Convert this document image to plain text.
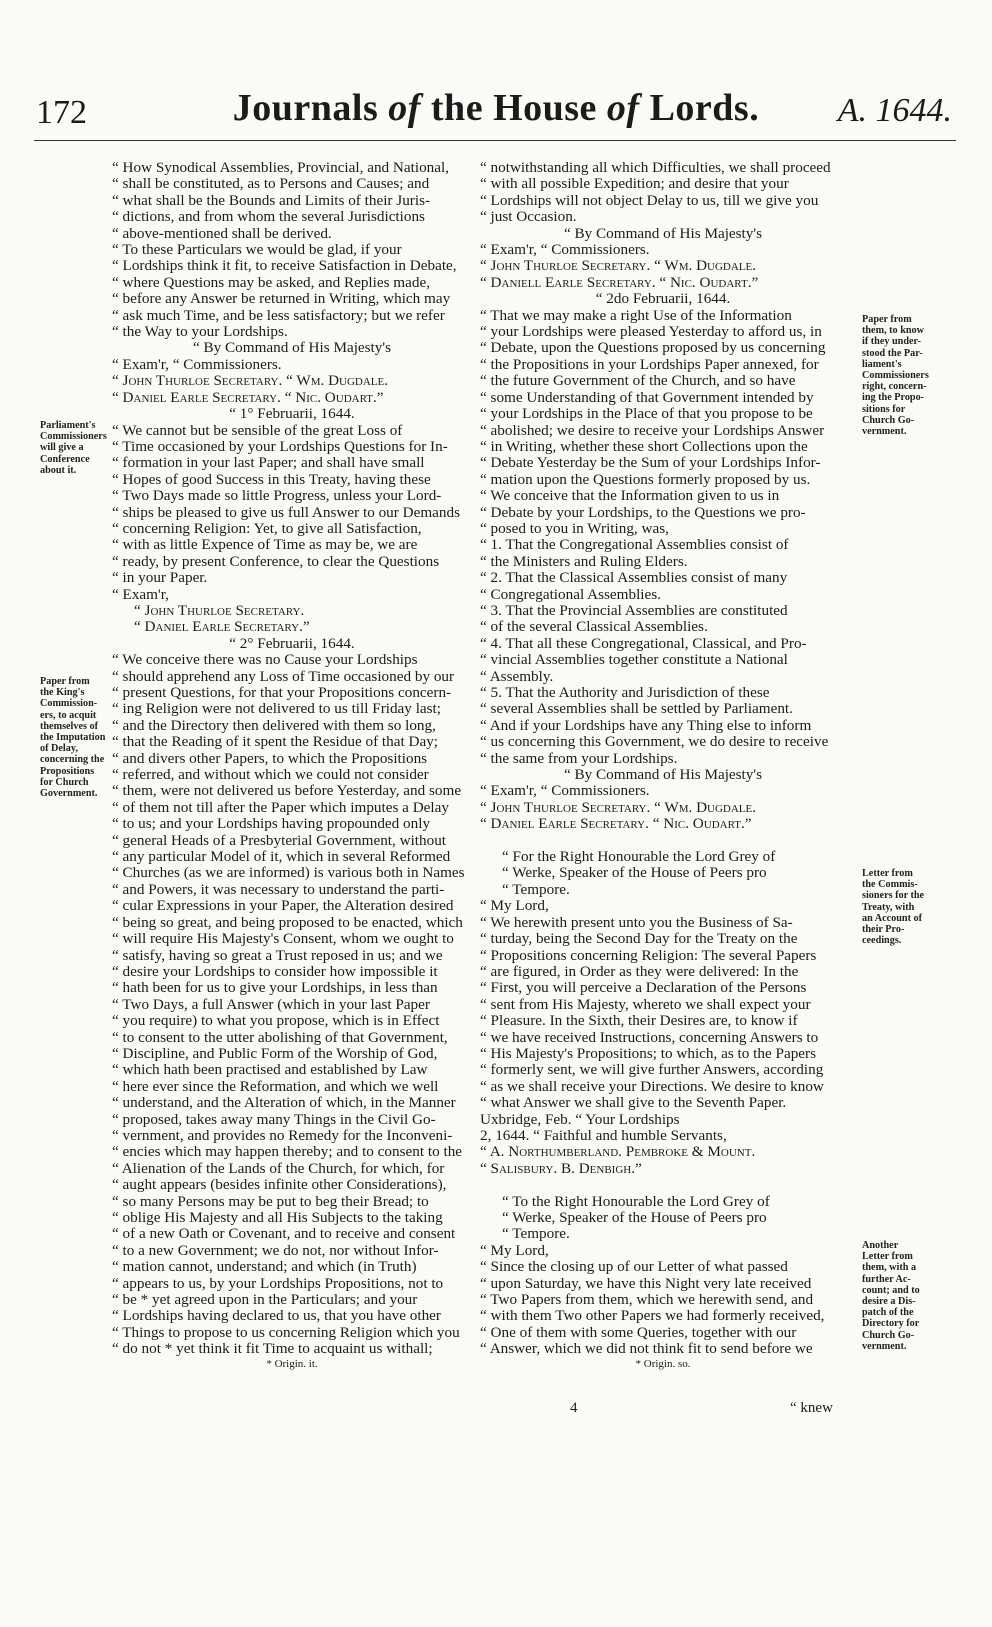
172	Journals of the House of Lords.	A. 1644.

“ How Synodical Assemblies, Provincial, and National,

“ shall be constituted, as to Persons and Causes; and

“ what shall be the Bounds and Limits of their Juris-

“ dictions, and from whom the several Jurisdictions

“ above-mentioned shall be derived.

“ To these Particulars we would be glad, if your

“ Lordships think it fit, to receive Satisfaction in Debate,

“ where Questions may be asked, and Replies made,

“ before any Answer be returned in Writing, which may

“ ask much Time, and be less satisfactory; but we refer

“ the Way to your Lordships.

“ By Command of His Majesty's

“ Exam'r, “ Commissioners.

“ John Thurloe Secretary. “ Wm. Dugdale.

“ Daniel Earle Secretary. “ Nic. Oudart.”

“ 1° Februarii, 1644.

“ We cannot but be sensible of the great Loss of

“ Time occasioned by your Lordships Questions for In-

“ formation in your last Paper; and shall have small

“ Hopes of good Success in this Treaty, having these

“ Two Days made so little Progress, unless your Lord-

“ ships be pleased to give us full Answer to our Demands

“ concerning Religion: Yet, to give all Satisfaction,

“ with as little Expence of Time as may be, we are

“ ready, by present Conference, to clear the Questions

“ in your Paper.

“ Exam'r,

“ John Thurloe Secretary.

“ Daniel Earle Secretary.”

“ 2° Februarii, 1644.

“ We conceive there was no Cause your Lordships

“ should apprehend any Loss of Time occasioned by our

“ present Questions, for that your Propositions concern-

“ ing Religion were not delivered to us till Friday last;

“ and the Directory then delivered with them so long,

“ that the Reading of it spent the Residue of that Day;

“ and divers other Papers, to which the Propositions

“ referred, and without which we could not consider

“ them, were not delivered us before Yesterday, and some

“ of them not till after the Paper which imputes a Delay

“ to us; and your Lordships having propounded only

“ general Heads of a Presbyterial Government, without

“ any particular Model of it, which in several Reformed

“ Churches (as we are informed) is various both in Names

“ and Powers, it was necessary to understand the parti-

“ cular Expressions in your Paper, the Alteration desired

“ being so great, and being proposed to be enacted, which

“ will require His Majesty's Consent, whom we ought to

“ satisfy, having so great a Trust reposed in us; and we

“ desire your Lordships to consider how impossible it

“ hath been for us to give your Lordships, in less than

“ Two Days, a full Answer (which in your last Paper

“ you require) to what you propose, which is in Effect

“ to consent to the utter abolishing of that Government,

“ Discipline, and Public Form of the Worship of God,

“ which hath been practised and established by Law

“ here ever since the Reformation, and which we well

“ understand, and the Alteration of which, in the Manner

“ proposed, takes away many Things in the Civil Go-

“ vernment, and provides no Remedy for the Inconveni-

“ encies which may happen thereby; and to consent to the

“ Alienation of the Lands of the Church, for which, for

“ aught appears (besides infinite other Considerations),

“ so many Persons may be put to beg their Bread; to

“ oblige His Majesty and all His Subjects to the taking

“ of a new Oath or Covenant, and to receive and consent

“ to a new Government; we do not, nor without Infor-

“ mation cannot, understand; and which (in Truth)

“ appears to us, by your Lordships Propositions, not to

“ be * yet agreed upon in the Particulars; and your

“ Lordships having declared to us, that you have other

“ Things to propose to us concerning Religion which you

“ do not * yet think it fit Time to acquaint us withall;

* Origin. it.

“ notwithstanding all which Difficulties, we shall proceed

“ with all possible Expedition; and desire that your

“ Lordships will not object Delay to us, till we give you

“ just Occasion.

“ By Command of His Majesty's

“ Exam'r, “ Commissioners.

“ John Thurloe Secretary. “ Wm. Dugdale.

“ Daniell Earle Secretary. “ Nic. Oudart.”

“ 2do Februarii, 1644.

“ That we may make a right Use of the Information

“ your Lordships were pleased Yesterday to afford us, in

“ Debate, upon the Questions proposed by us concerning

“ the Propositions in your Lordships Paper annexed, for

“ the future Government of the Church, and so have

“ some Understanding of that Government intended by

“ your Lordships in the Place of that you propose to be

“ abolished; we desire to receive your Lordships Answer

“ in Writing, whether these short Collections upon the

“ Debate Yesterday be the Sum of your Lordships Infor-

“ mation upon the Questions formerly proposed by us.

“ We conceive that the Information given to us in

“ Debate by your Lordships, to the Questions we pro-

“ posed to you in Writing, was,

“ 1. That the Congregational Assemblies consist of

“ the Ministers and Ruling Elders.

“ 2. That the Classical Assemblies consist of many

“ Congregational Assemblies.

“ 3. That the Provincial Assemblies are constituted

“ of the several Classical Assemblies.

“ 4. That all these Congregational, Classical, and Pro-

“ vincial Assemblies together constitute a National

“ Assembly.

“ 5. That the Authority and Jurisdiction of these

“ several Assemblies shall be settled by Parliament.

“ And if your Lordships have any Thing else to inform

“ us concerning this Government, we do desire to receive

“ the same from your Lordships.

“ By Command of His Majesty's

“ Exam'r, “ Commissioners.

“ John Thurloe Secretary. “ Wm. Dugdale.

“ Daniel Earle Secretary. “ Nic. Oudart.”

“ For the Right Honourable the Lord Grey of

“ Werke, Speaker of the House of Peers pro

“ Tempore.

“ My Lord,

“ We herewith present unto you the Business of Sa-

“ turday, being the Second Day for the Treaty on the

“ Propositions concerning Religion: The several Papers

“ are figured, in Order as they were delivered: In the

“ First, you will perceive a Declaration of the Persons

“ sent from His Majesty, whereto we shall expect your

“ Pleasure. In the Sixth, their Desires are, to know if

“ we have received Instructions, concerning Answers to

“ His Majesty's Propositions; to which, as to the Papers

“ formerly sent, we will give further Answers, according

“ as we shall receive your Directions. We desire to know

“ what Answer we shall give to the Seventh Paper.

Uxbridge, Feb. “ Your Lordships

2, 1644. “ Faithful and humble Servants,

“ A. Northumberland. Pembroke & Mount.

“ Salisbury. B. Denbigh.”

“ To the Right Honourable the Lord Grey of

“ Werke, Speaker of the House of Peers pro

“ Tempore.

“ My Lord,

“ Since the closing up of our Letter of what passed

“ upon Saturday, we have this Night very late received

“ Two Papers from them, which we herewith send, and

“ with them Two other Papers we had formerly received,

“ One of them with some Queries, together with our

“ Answer, which we did not think fit to send before we

* Origin. so.

Parliament's

Commissioners

will give a

Conference

about it.

Paper from

the King's

Commission-

ers, to acquit

themselves of

the Imputation

of Delay,

concerning the

Propositions

for Church

Government.

Paper from

them, to know

if they under-

stood the Par-

liament's

Commissioners

right, concern-

ing the Propo-

sitions for

Church Go-

vernment.

Letter from

the Commis-

sioners for the

Treaty, with

an Account of

their Pro-

ceedings.

Another

Letter from

them, with a

further Ac-

count; and to

desire a Dis-

patch of the

Directory for

Church Go-

vernment.

4	“ knew
